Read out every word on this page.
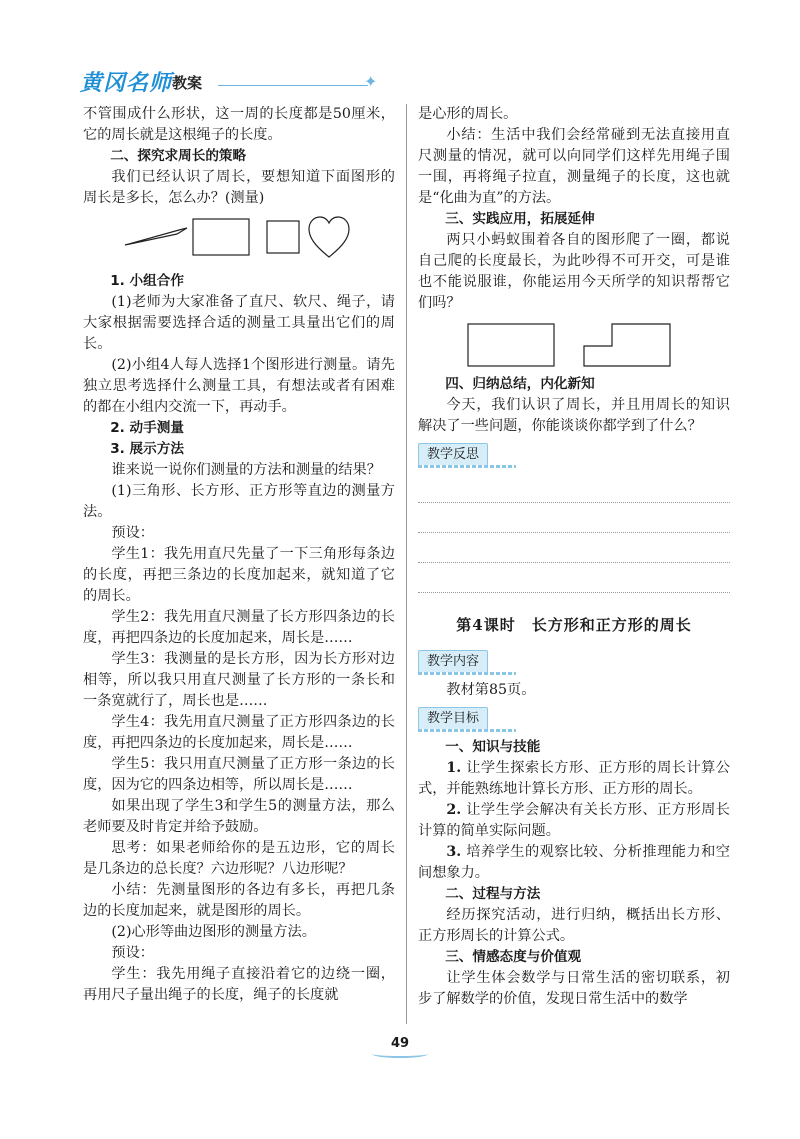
黄冈名师 教案	✦

不管围成什么形状，这一周的长度都是50厘米，它的周长就是这根绳子的长度。

二、探究求周长的策略

我们已经认识了周长，要想知道下面图形的周长是多长，怎么办？(测量)

1. 小组合作

(1)老师为大家准备了直尺、软尺、绳子，请大家根据需要选择合适的测量工具量出它们的周长。

(2)小组4人每人选择1个图形进行测量。请先独立思考选择什么测量工具，有想法或者有困难的都在小组内交流一下，再动手。

2. 动手测量

3. 展示方法

谁来说一说你们测量的方法和测量的结果？

(1)三角形、长方形、正方形等直边的测量方法。

预设：

学生1：我先用直尺先量了一下三角形每条边的长度，再把三条边的长度加起来，就知道了它的周长。

学生2：我先用直尺测量了长方形四条边的长度，再把四条边的长度加起来，周长是……

学生3：我测量的是长方形，因为长方形对边相等，所以我只用直尺测量了长方形的一条长和一条宽就行了，周长也是……

学生4：我先用直尺测量了正方形四条边的长度，再把四条边的长度加起来，周长是……

学生5：我只用直尺测量了正方形一条边的长度，因为它的四条边相等，所以周长是……

如果出现了学生3和学生5的测量方法，那么老师要及时肯定并给予鼓励。

思考：如果老师给你的是五边形，它的周长是几条边的总长度？六边形呢？八边形呢？

小结：先测量图形的各边有多长，再把几条边的长度加起来，就是图形的周长。

(2)心形等曲边图形的测量方法。

预设：

学生：我先用绳子直接沿着它的边绕一圈，再用尺子量出绳子的长度，绳子的长度就

是心形的周长。

小结：生活中我们会经常碰到无法直接用直尺测量的情况，就可以向同学们这样先用绳子围一围，再将绳子拉直，测量绳子的长度，这也就是“化曲为直”的方法。

三、实践应用，拓展延伸

两只小蚂蚁围着各自的图形爬了一圈，都说自己爬的长度最长，为此吵得不可开交，可是谁也不能说服谁，你能运用今天所学的知识帮帮它们吗？

四、归纳总结，内化新知

今天，我们认识了周长，并且用周长的知识解决了一些问题，你能谈谈你都学到了什么？

教学反思
第4课时　长方形和正方形的周长
教学内容

教材第85页。

教学目标

一、知识与技能

1. 让学生探索长方形、正方形的周长计算公式，并能熟练地计算长方形、正方形的周长。

2. 让学生学会解决有关长方形、正方形周长计算的简单实际问题。

3. 培养学生的观察比较、分析推理能力和空间想象力。

二、过程与方法

经历探究活动，进行归纳，概括出长方形、正方形周长的计算公式。

三、情感态度与价值观

让学生体会数学与日常生活的密切联系，初步了解数学的价值，发现日常生活中的数学

49
